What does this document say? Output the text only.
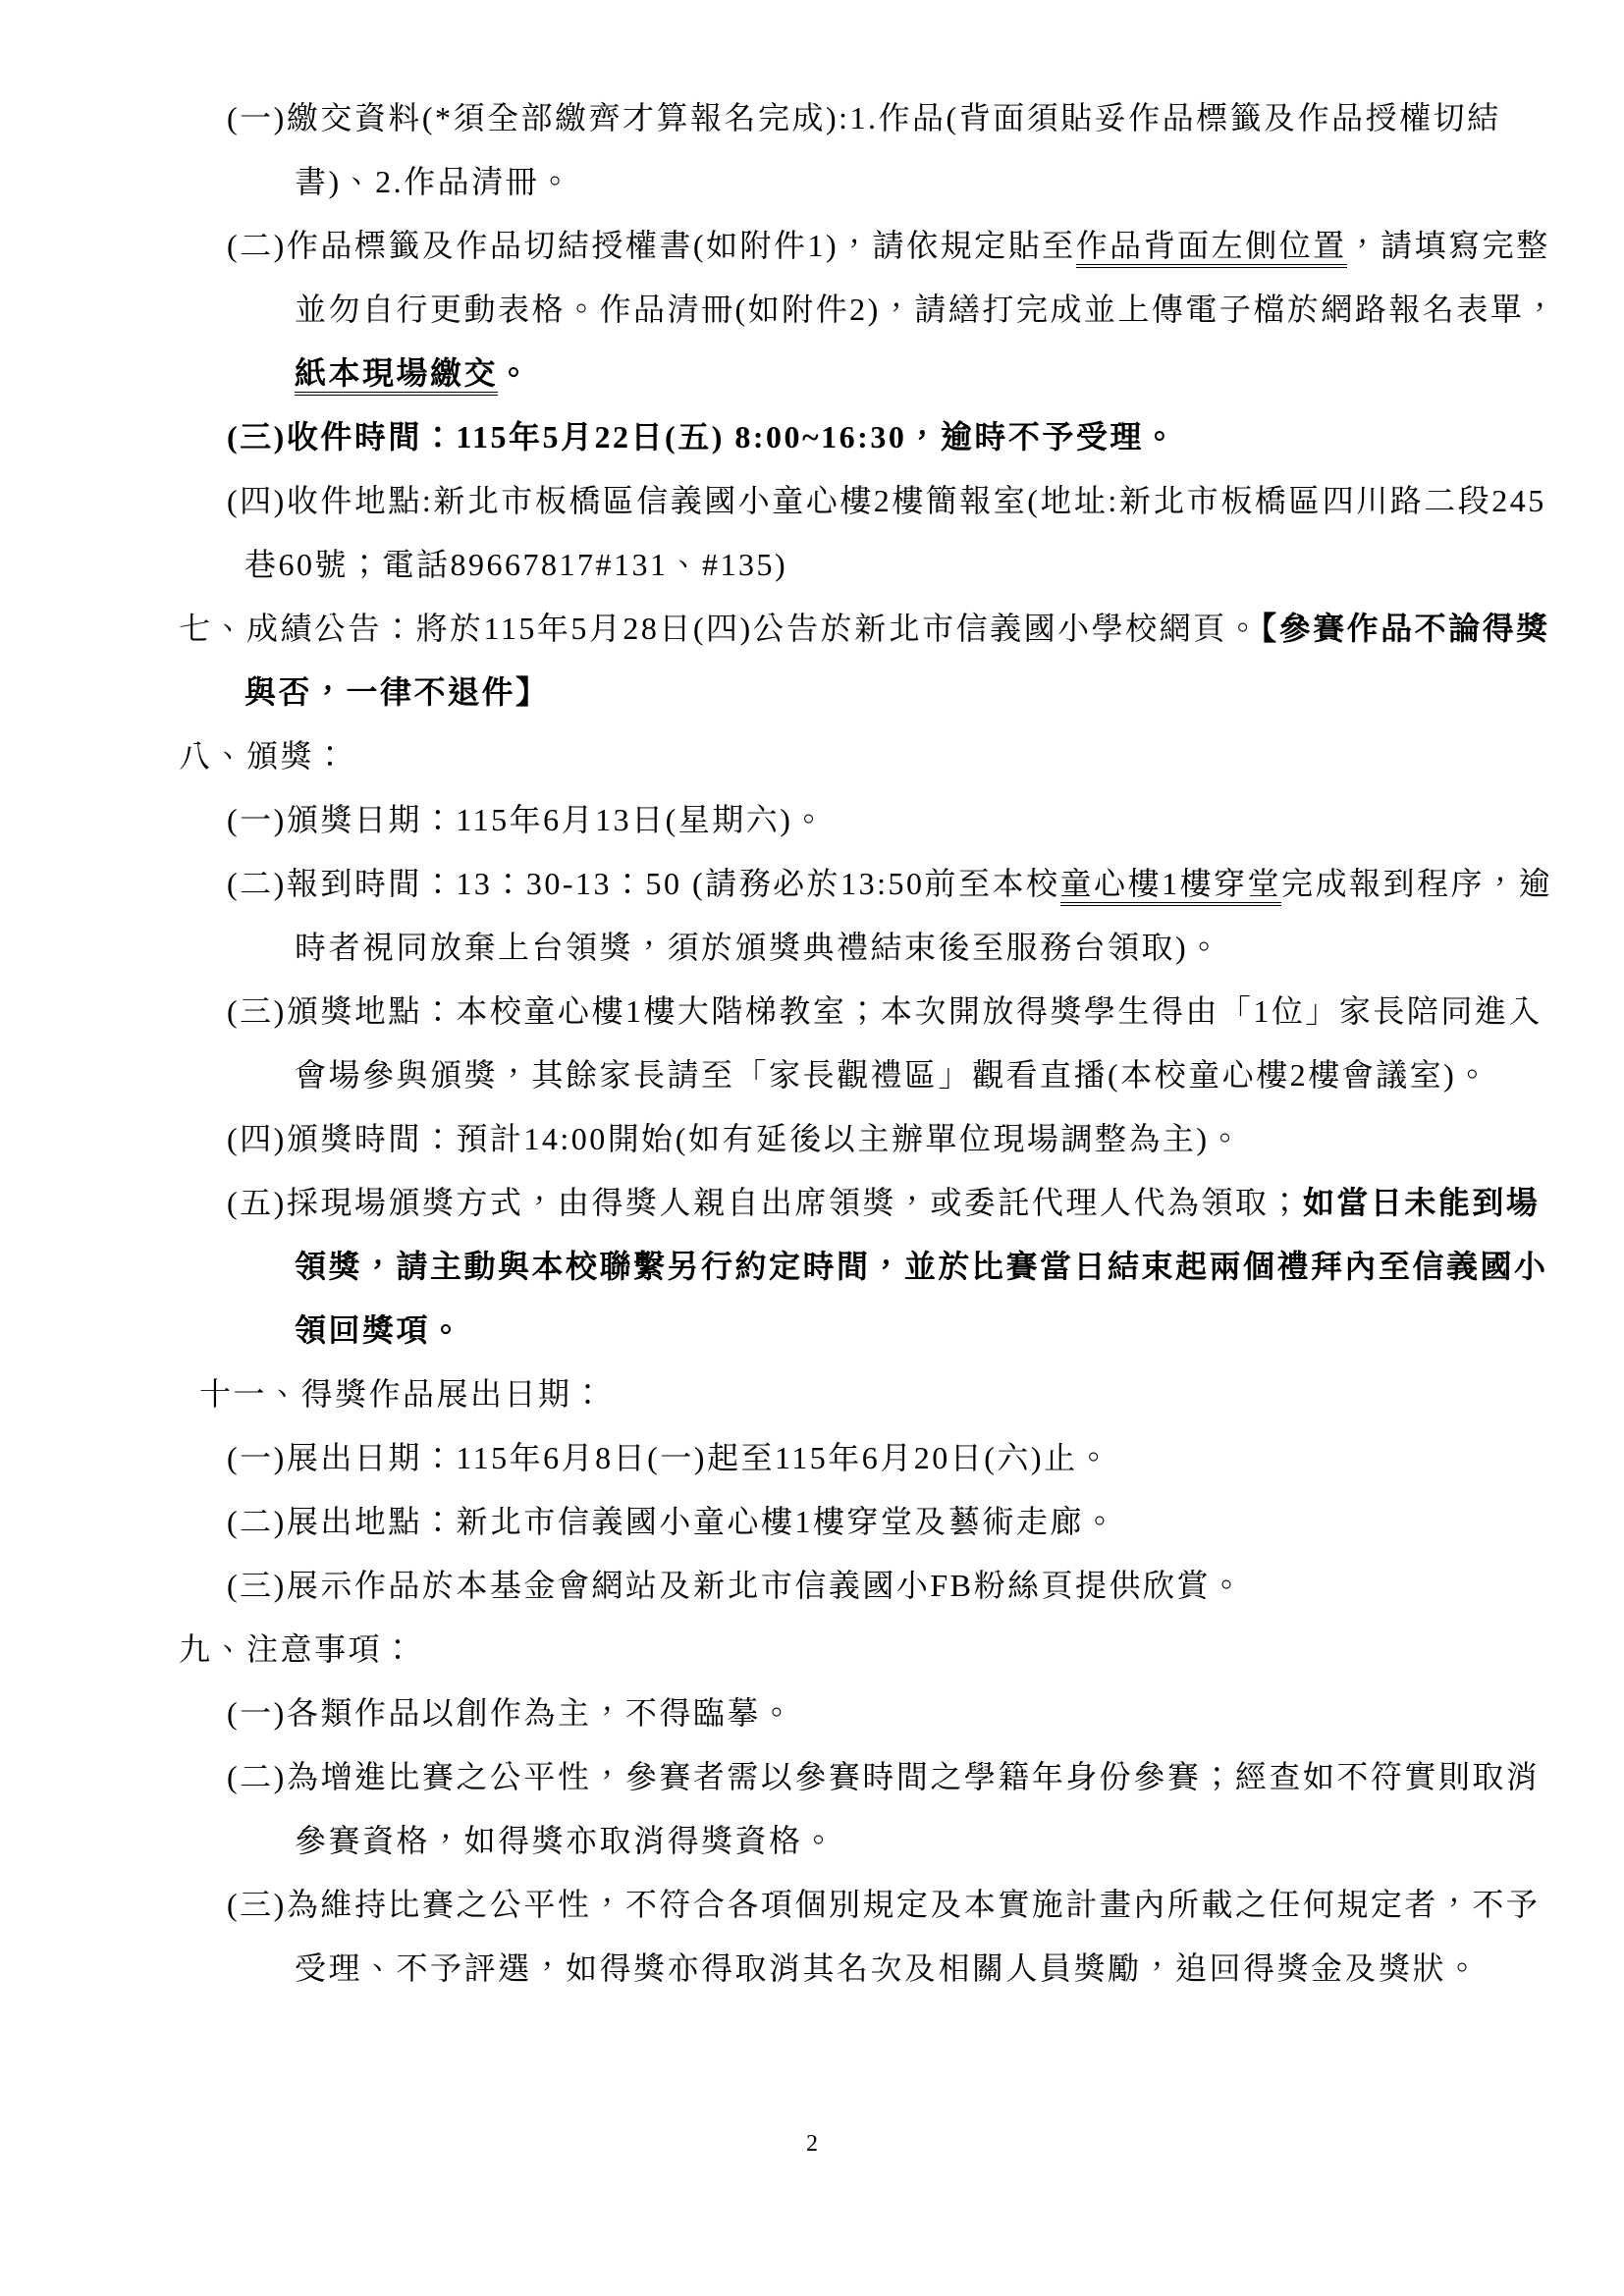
(一)繳交資料(*須全部繳齊才算報名完成):1.作品(背面須貼妥作品標籤及作品授權切結
書)、2.作品清冊。
(二)作品標籤及作品切結授權書(如附件1)，請依規定貼至作品背面左側位置，請填寫完整
並勿自行更動表格。作品清冊(如附件2)，請繕打完成並上傳電子檔於網路報名表單，
紙本現場繳交。
(三)收件時間：115年5月22日(五) 8:00~16:30，逾時不予受理。
(四)收件地點:新北市板橋區信義國小童心樓2樓簡報室(地址:新北市板橋區四川路二段245
巷60號；電話89667817#131、#135)
七、成績公告：將於115年5月28日(四)公告於新北市信義國小學校網頁。【參賽作品不論得獎
與否，一律不退件】
八、頒獎：
(一)頒獎日期：115年6月13日(星期六)。
(二)報到時間：13：30-13：50 (請務必於13:50前至本校童心樓1樓穿堂完成報到程序，逾
時者視同放棄上台領獎，須於頒獎典禮結束後至服務台領取)。
(三)頒獎地點：本校童心樓1樓大階梯教室；本次開放得獎學生得由「1位」家長陪同進入
會場參與頒獎，其餘家長請至「家長觀禮區」觀看直播(本校童心樓2樓會議室)。
(四)頒獎時間：預計14:00開始(如有延後以主辦單位現場調整為主)。
(五)採現場頒獎方式，由得獎人親自出席領獎，或委託代理人代為領取；如當日未能到場
領獎，請主動與本校聯繫另行約定時間，並於比賽當日結束起兩個禮拜內至信義國小
領回獎項。
十一、得獎作品展出日期：
(一)展出日期：115年6月8日(一)起至115年6月20日(六)止。
(二)展出地點：新北市信義國小童心樓1樓穿堂及藝術走廊。
(三)展示作品於本基金會網站及新北市信義國小FB粉絲頁提供欣賞。
九、注意事項：
(一)各類作品以創作為主，不得臨摹。
(二)為增進比賽之公平性，參賽者需以參賽時間之學籍年身份參賽；經查如不符實則取消
參賽資格，如得獎亦取消得獎資格。
(三)為維持比賽之公平性，不符合各項個別規定及本實施計畫內所載之任何規定者，不予
受理、不予評選，如得獎亦得取消其名次及相關人員獎勵，追回得獎金及獎狀。
2
